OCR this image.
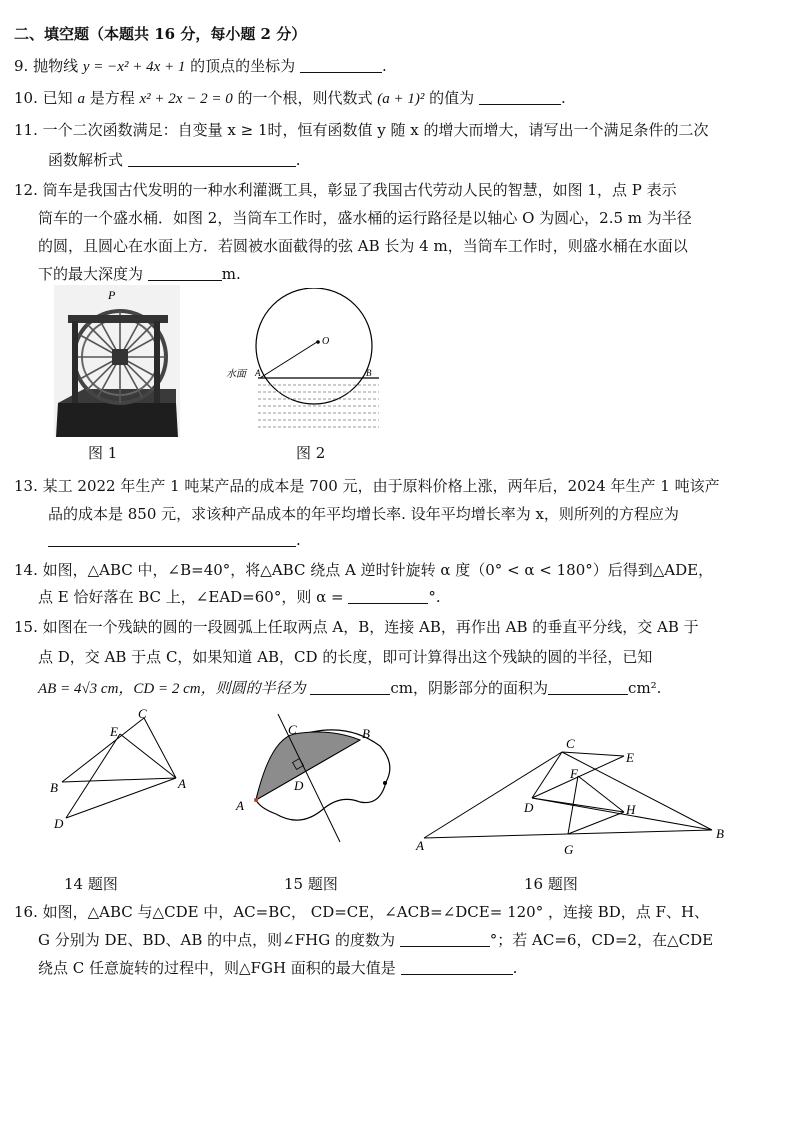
二、填空题（本题共 16 分，每小题 2 分）
9. 抛物线 y = −x² + 4x + 1 的顶点的坐标为	.
10. 已知 a 是方程 x² + 2x − 2 = 0 的一个根，则代数式 (a + 1)² 的值为	.
11. 一个二次函数满足：自变量 x ≥ 1时，恒有函数值 y 随 x 的增大而增大，请写出一个满足条件的二次
函数解析式	.
12. 筒车是我国古代发明的一种水利灌溉工具，彰显了我国古代劳动人民的智慧，如图 1，点 P 表示
筒车的一个盛水桶．如图 2，当筒车工作时，盛水桶的运行路径是以轴心 O 为圆心，2.5 m 为半径
的圆，且圆心在水面上方．若圆被水面截得的弦 AB 长为 4 m，当筒车工作时，则盛水桶在水面以
下的最大深度为	m.
P
图 1
O
A	B
水面
图 2
13. 某工 2022 年生产 1 吨某产品的成本是 700 元，由于原料价格上涨，两年后，2024 年生产 1 吨该产
品的成本是 850 元，求该种产品成本的年平均增长率. 设年平均增长率为 x，则所列的方程应为
.
14. 如图，△ABC 中，∠B=40°，将△ABC 绕点 A 逆时针旋转 α 度（0° < α < 180°）后得到△ADE，
点 E 恰好落在 BC 上，∠EAD=60°，则 α =	°.
15. 如图在一个残缺的圆的一段圆弧上任取两点 A，B，连接 AB，再作出 AB 的垂直平分线，交 AB 于
点 D，交 AB 于点 C，如果知道 AB，CD 的长度，即可计算得出这个残缺的圆的半径，已知
AB = 4√3 cm，CD = 2 cm，则圆的半径为	cm，阴影部分的面积为	cm².
C
E
B	A
D
14 题图
C	B
D
A
15 题图
C
E
F
D	H
B
A	G
16 题图
16. 如图，△ABC 与△CDE 中，AC=BC， CD=CE，∠ACB=∠DCE= 120° ，连接 BD，点 F、H、
G 分别为 DE、BD、AB 的中点，则∠FHG 的度数为	°；若 AC=6，CD=2，在△CDE
绕点 C 任意旋转的过程中，则△FGH 面积的最大值是	.
